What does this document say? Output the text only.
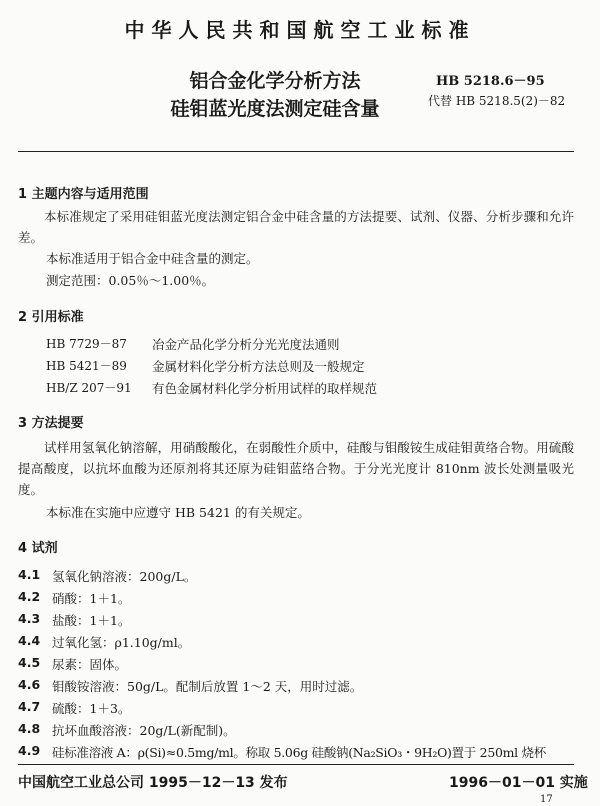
中华人民共和国航空工业标准
铝合金化学分析方法
硅钼蓝光度法测定硅含量
HB 5218.6－95
代替 HB 5218.5(2)－82
1 主题内容与适用范围

本标准规定了采用硅钼蓝光度法测定铝合金中硅含量的方法提要、试剂、仪器、分析步骤和允许差。

本标准适用于铝合金中硅含量的测定。
测定范围：0.05％～1.00％。
2 引用标准
HB 7729－87 冶金产品化学分析分光光度法通则
HB 5421－89 金属材料化学分析方法总则及一般规定
HB/Z 207－91 有色金属材料化学分析用试样的取样规范
3 方法提要

试样用氢氧化钠溶解，用硝酸酸化，在弱酸性介质中，硅酸与钼酸铵生成硅钼黄络合物。用硫酸提高酸度，以抗坏血酸为还原剂将其还原为硅钼蓝络合物。于分光光度计 810nm 波长处测量吸光度。

本标准在实施中应遵守 HB 5421 的有关规定。
4 试剂
4.1 氢氧化钠溶液：200g/L。
4.2 硝酸：1＋1。
4.3 盐酸：1＋1。
4.4 过氧化氢：ρ1.10g/ml。
4.5 尿素：固体。
4.6 钼酸铵溶液：50g/L。配制后放置 1～2 天，用时过滤。
4.7 硫酸：1＋3。
4.8 抗坏血酸溶液：20g/L(新配制)。
4.9 硅标准溶液 A：ρ(Si)≈0.5mg/ml。称取 5.06g 硅酸钠(Na₂SiO₃・9H₂O)置于 250ml 烧杯
中国航空工业总公司 1995－12－13 发布	1996－01－01 实施
17
